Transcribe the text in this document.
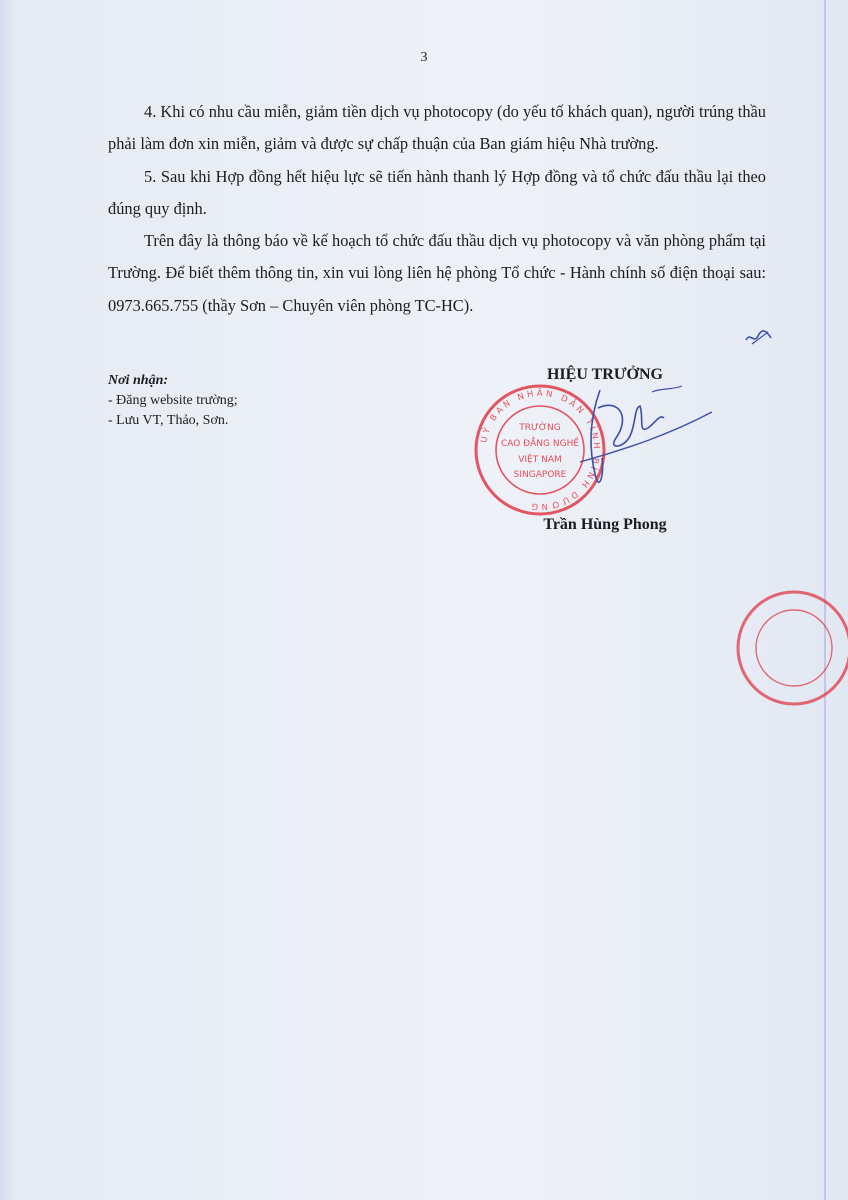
3

4. Khi có nhu cầu miễn, giảm tiền dịch vụ photocopy (do yếu tố khách quan), người trúng thầu phải làm đơn xin miễn, giảm và được sự chấp thuận của Ban giám hiệu Nhà trường.

5. Sau khi Hợp đồng hết hiệu lực sẽ tiến hành thanh lý Hợp đồng và tổ chức đấu thầu lại theo đúng quy định.

Trên đây là thông báo về kế hoạch tổ chức đấu thầu dịch vụ photocopy và văn phòng phẩm tại Trường. Để biết thêm thông tin, xin vui lòng liên hệ phòng Tổ chức - Hành chính số điện thoại sau: 0973.665.755 (thầy Sơn – Chuyên viên phòng TC-HC).

Nơi nhận:
- Đăng website trường;
- Lưu VT, Thảo, Sơn.
UỶ BAN NHÂN DÂN TỈNH BÌNH DƯƠNG
TRƯỜNG
CAO ĐẲNG NGHỀ
VIỆT NAM
SINGAPORE
HIỆU TRƯỞNG
Trần Hùng Phong
